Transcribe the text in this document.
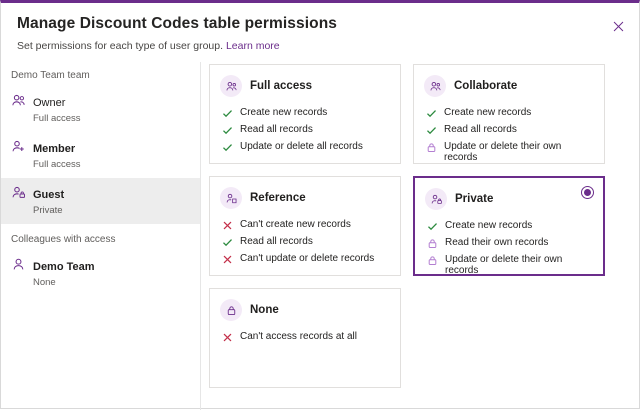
Manage Discount Codes table permissions
Set permissions for each type of user group. Learn more
Demo Team team
Owner
Full access
Member
Full access
Guest
Private
Colleagues with access
Demo Team
None
Full access
Create new records
Read all records
Update or delete all records
Collaborate
Create new records
Read all records
Update or delete their own records
Reference
Can't create new records
Read all records
Can't update or delete records
Private
Create new records
Read their own records
Update or delete their own records
None
Can't access records at all
